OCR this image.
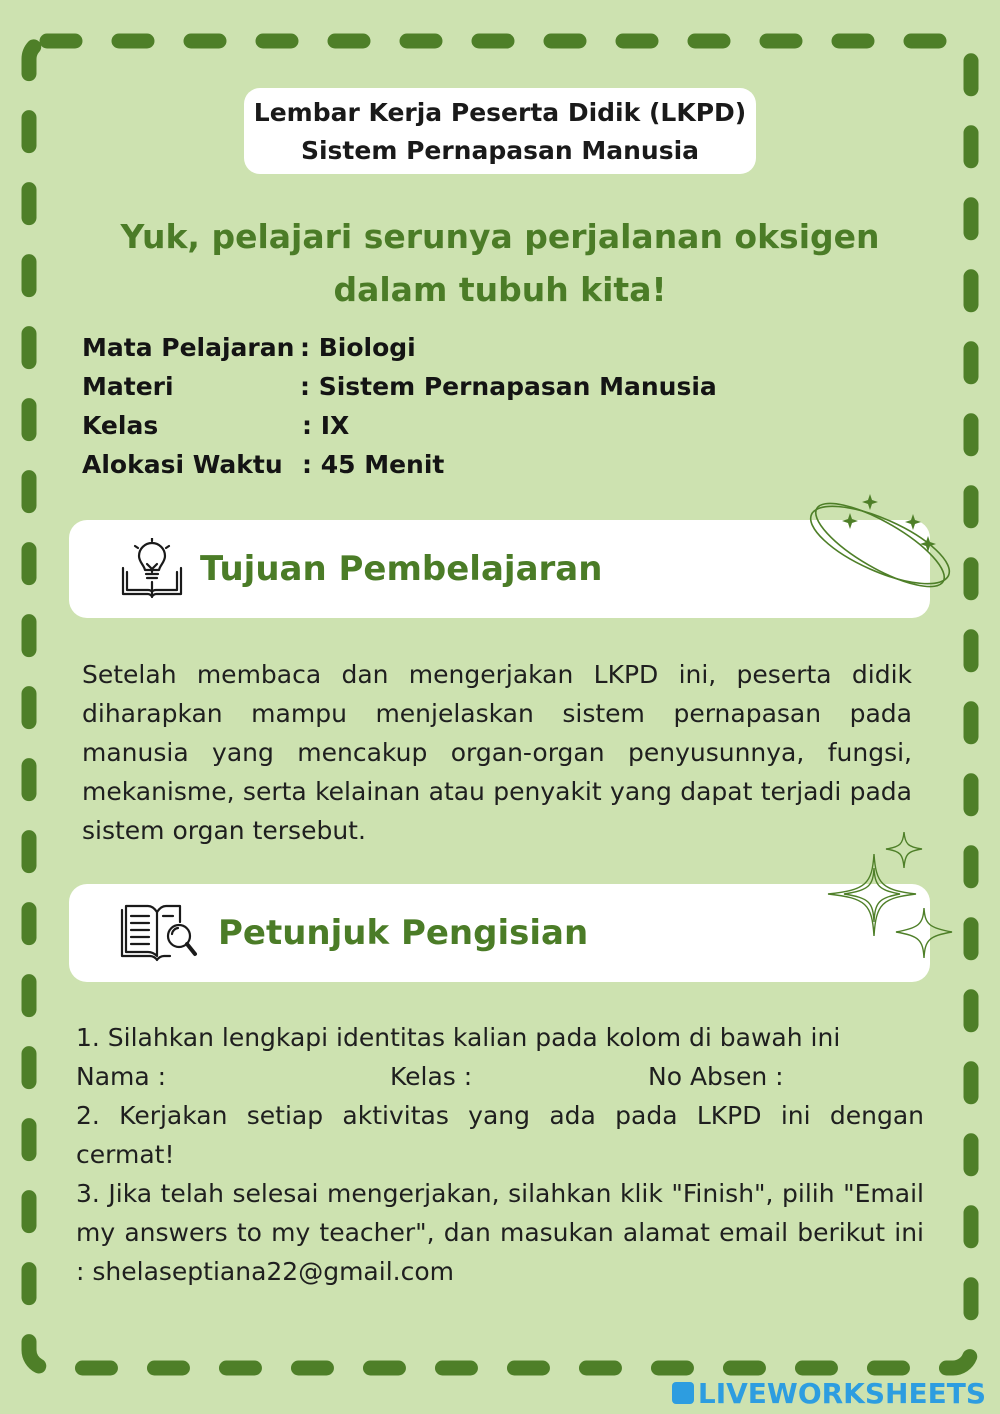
Lembar Kerja Peserta Didik (LKPD)
Sistem Pernapasan Manusia
Yuk, pelajari serunya perjalanan oksigen
dalam tubuh kita!
Mata Pelajaran : Biologi
Materi	: Sistem Pernapasan Manusia
Kelas	: IX
Alokasi Waktu : 45 Menit
Tujuan Pembelajaran
Setelah membaca dan mengerjakan LKPD ini, peserta didik diharapkan mampu menjelaskan sistem pernapasan pada manusia yang mencakup organ-organ penyusunnya, fungsi, mekanisme, serta kelainan atau penyakit yang dapat terjadi pada sistem organ tersebut.
Petunjuk Pengisian

1. Silahkan lengkapi identitas kalian pada kolom di bawah ini

Nama :	Kelas :	No Absen :

2. Kerjakan setiap aktivitas yang ada pada LKPD ini dengan cermat!

3. Jika telah selesai mengerjakan, silahkan klik "Finish", pilih "Email my answers to my teacher", dan masukan alamat email berikut ini : shelaseptiana22@gmail.com

LIVEWORKSHEETS
